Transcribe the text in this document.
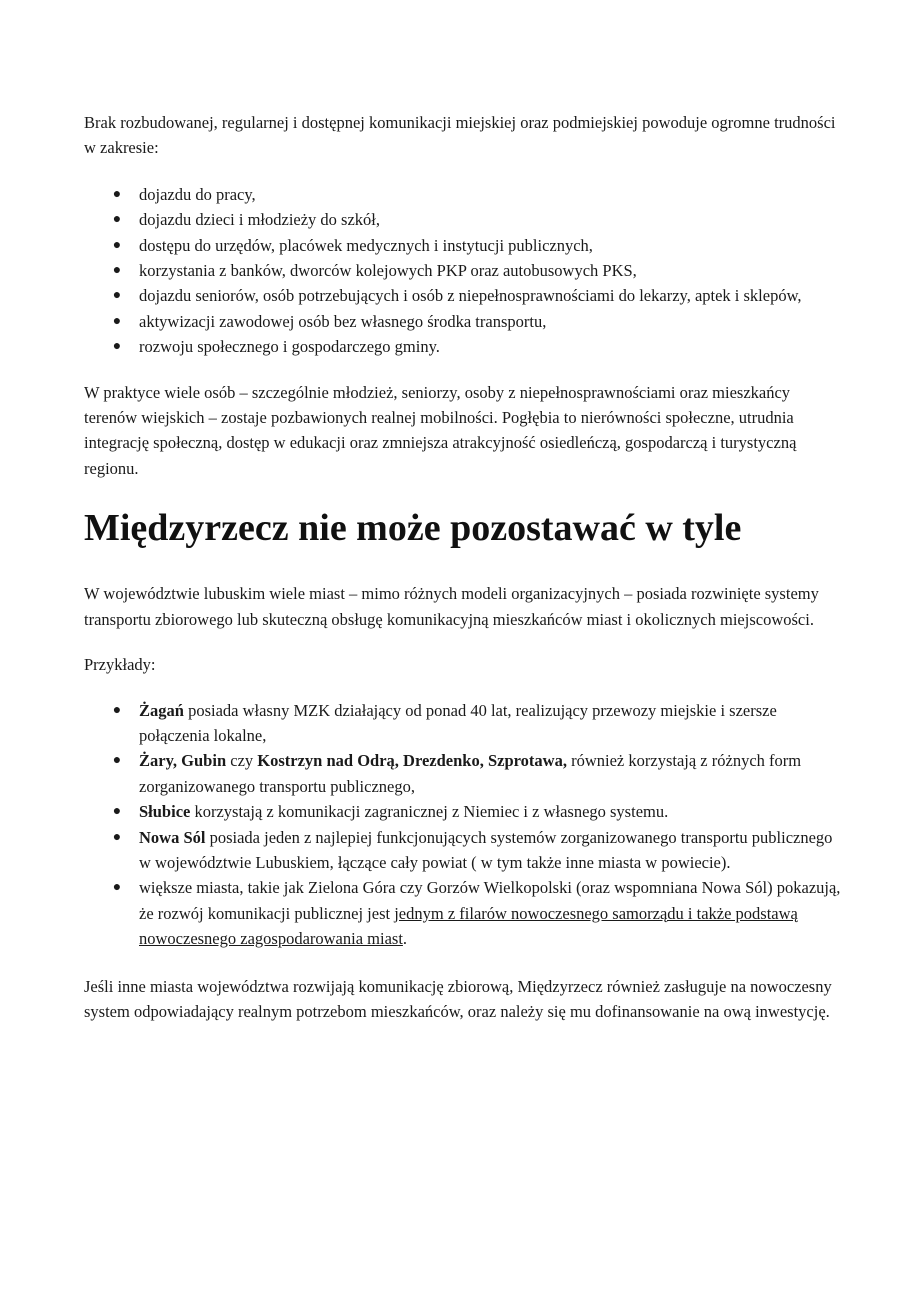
Brak rozbudowanej, regularnej i dostępnej komunikacji miejskiej oraz podmiejskiej powoduje ogromne trudności w zakresie:

● dojazdu do pracy,
● dojazdu dzieci i młodzieży do szkół,
● dostępu do urzędów, placówek medycznych i instytucji publicznych,
● korzystania z banków, dworców kolejowych PKP oraz autobusowych PKS,
● dojazdu seniorów, osób potrzebujących i osób z niepełnosprawnościami do lekarzy, aptek i sklepów,
● aktywizacji zawodowej osób bez własnego środka transportu,
● rozwoju społecznego i gospodarczego gminy.

W praktyce wiele osób – szczególnie młodzież, seniorzy, osoby z niepełnosprawnościami oraz mieszkańcy terenów wiejskich – zostaje pozbawionych realnej mobilności. Pogłębia to nierówności społeczne, utrudnia integrację społeczną, dostęp w edukacji oraz zmniejsza atrakcyjność osiedleńczą, gospodarczą i turystyczną regionu.

Międzyrzecz nie może pozostawać w tyle

W województwie lubuskim wiele miast – mimo różnych modeli organizacyjnych – posiada rozwinięte systemy transportu zbiorowego lub skuteczną obsługę komunikacyjną mieszkańców miast i okolicznych miejscowości.

Przykłady:

● Żagań posiada własny MZK działający od ponad 40 lat, realizujący przewozy miejskie i szersze połączenia lokalne,
● Żary, Gubin czy Kostrzyn nad Odrą, Drezdenko, Szprotawa, również korzystają z różnych form zorganizowanego transportu publicznego,
● Słubice korzystają z komunikacji zagranicznej z Niemiec i z własnego systemu.
● Nowa Sól posiada jeden z najlepiej funkcjonujących systemów zorganizowanego transportu publicznego w województwie Lubuskiem, łączące cały powiat ( w tym także inne miasta w powiecie).
● większe miasta, takie jak Zielona Góra czy Gorzów Wielkopolski (oraz wspomniana Nowa Sól) pokazują, że rozwój komunikacji publicznej jest jednym z filarów nowoczesnego samorządu i także podstawą nowoczesnego zagospodarowania miast.

Jeśli inne miasta województwa rozwijają komunikację zbiorową, Międzyrzecz również zasługuje na nowoczesny system odpowiadający realnym potrzebom mieszkańców, oraz należy się mu dofinansowanie na ową inwestycję.
